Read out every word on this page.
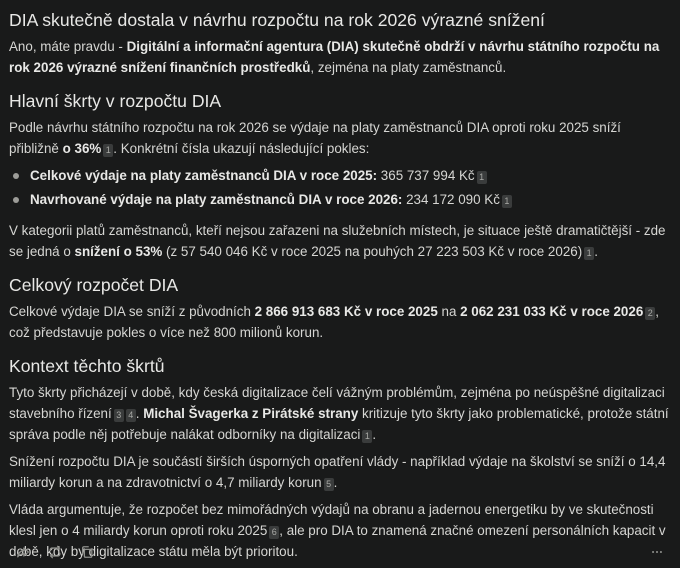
DIA skutečně dostala v návrhu rozpočtu na rok 2026 výrazné snížení

Ano, máte pravdu - Digitální a informační agentura (DIA) skutečně obdrží v návrhu státního rozpočtu na rok 2026 výrazné snížení finančních prostředků, zejména na platy zaměstnanců.

Hlavní škrty v rozpočtu DIA

Podle návrhu státního rozpočtu na rok 2026 se výdaje na platy zaměstnanců DIA oproti roku 2025 sníží přibližně o 36% 1 . Konkrétní čísla ukazují následující pokles:

Celkové výdaje na platy zaměstnanců DIA v roce 2025: 365 737 994 Kč 1
Navrhované výdaje na platy zaměstnanců DIA v roce 2026: 234 172 090 Kč 1

V kategorii platů zaměstnanců, kteří nejsou zařazeni na služebních místech, je situace ještě dramatičtější - zde se jedná o snížení o 53% (z 57 540 046 Kč v roce 2025 na pouhých 27 223 503 Kč v roce 2026) 1 .

Celkový rozpočet DIA

Celkové výdaje DIA se sníží z původních 2 866 913 683 Kč v roce 2025 na 2 062 231 033 Kč v roce 2026 2 , což představuje pokles o více než 800 milionů korun.

Kontext těchto škrtů

Tyto škrty přicházejí v době, kdy česká digitalizace čelí vážným problémům, zejména po neúspěšné digitalizaci stavebního řízení 3 4 . Michal Švagerka z Pirátské strany kritizuje tyto škrty jako problematické, protože státní správa podle něj potřebuje nalákat odborníky na digitalizaci 1 .

Snížení rozpočtu DIA je součástí širších úsporných opatření vlády - například výdaje na školství se sníží o 14,4 miliardy korun a na zdravotnictví o 4,7 miliardy korun 5 .

Vláda argumentuje, že rozpočet bez mimořádných výdajů na obranu a jadernou energetiku by ve skutečnosti klesl jen o 4 miliardy korun oproti roku 2025 6 , ale pro DIA to znamená značné omezení personálních kapacit v době, kdy by digitalizace státu měla být prioritou.
